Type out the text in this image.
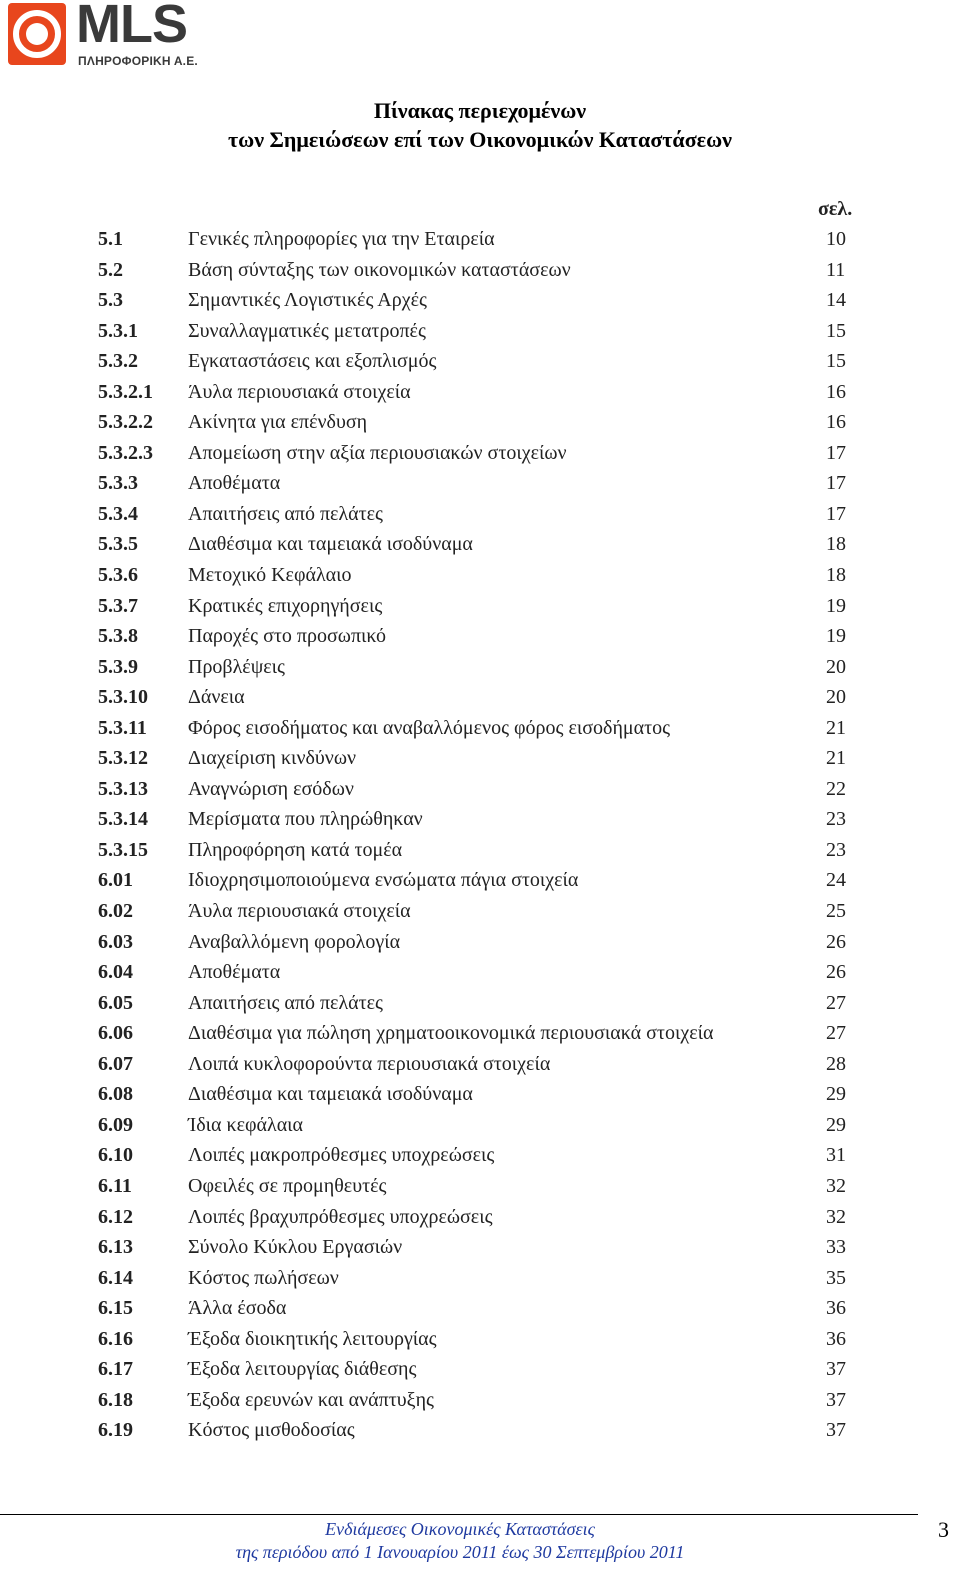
MLS
ΠΛΗΡΟΦΟΡΙΚΗ Α.Ε.
Πίνακας περιεχομένων
των Σημειώσεων επί των Οικονομικών Καταστάσεων
σελ.
5.1	Γενικές πληροφορίες για την Εταιρεία	10
5.2	Βάση σύνταξης των οικονομικών καταστάσεων	11
5.3	Σημαντικές Λογιστικές Αρχές	14
5.3.1	Συναλλαγματικές μετατροπές	15
5.3.2	Εγκαταστάσεις και εξοπλισμός	15
5.3.2.1 Άυλα περιουσιακά στοιχεία	16
5.3.2.2 Ακίνητα για επένδυση	16
5.3.2.3 Απομείωση στην αξία περιουσιακών στοιχείων	17
5.3.3	Αποθέματα	17
5.3.4	Απαιτήσεις από πελάτες	17
5.3.5	Διαθέσιμα και ταμειακά ισοδύναμα	18
5.3.6	Μετοχικό Κεφάλαιο	18
5.3.7	Κρατικές επιχορηγήσεις	19
5.3.8	Παροχές στο προσωπικό	19
5.3.9	Προβλέψεις	20
5.3.10 Δάνεια	20
5.3.11 Φόρος εισοδήματος και αναβαλλόμενος φόρος εισοδήματος	21
5.3.12 Διαχείριση κινδύνων	21
5.3.13 Αναγνώριση εσόδων	22
5.3.14 Μερίσματα που πληρώθηκαν	23
5.3.15 Πληροφόρηση κατά τομέα	23
6.01	Ιδιοχρησιμοποιούμενα ενσώματα πάγια στοιχεία	24
6.02	Άυλα περιουσιακά στοιχεία	25
6.03	Αναβαλλόμενη φορολογία	26
6.04	Αποθέματα	26
6.05	Απαιτήσεις από πελάτες	27
6.06	Διαθέσιμα για πώληση χρηματοοικονομικά περιουσιακά στοιχεία	27
6.07	Λοιπά κυκλοφορούντα περιουσιακά στοιχεία	28
6.08	Διαθέσιμα και ταμειακά ισοδύναμα	29
6.09	Ίδια κεφάλαια	29
6.10	Λοιπές μακροπρόθεσμες υποχρεώσεις	31
6.11	Οφειλές σε προμηθευτές	32
6.12	Λοιπές βραχυπρόθεσμες υποχρεώσεις	32
6.13	Σύνολο Κύκλου Εργασιών	33
6.14	Κόστος πωλήσεων	35
6.15	Άλλα έσοδα	36
6.16	Έξοδα διοικητικής λειτουργίας	36
6.17	Έξοδα λειτουργίας διάθεσης	37
6.18	Έξοδα ερευνών και ανάπτυξης	37
6.19	Κόστος μισθοδοσίας	37
Ενδιάμεσες Οικονομικές Καταστάσεις
της περιόδου από 1 Ιανουαρίου 2011 έως 30 Σεπτεμβρίου 2011
3
